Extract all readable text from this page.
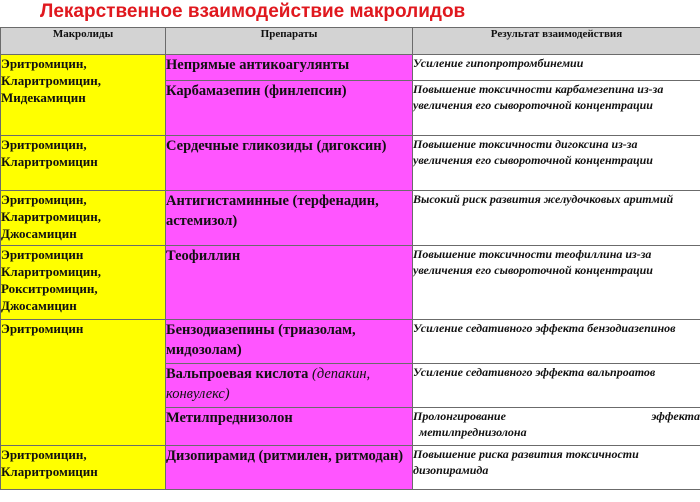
Лекарственное взаимодействие макролидов
Макролиды	Препараты	Результат взаимодействия

Эритромицин,
Кларитромицин,
Мидекамицин	Непрямые антикоагулянты	Усиление гипопротромбинемии
	Карбамазепин (финлепсин)	Повышение токсичности карбамезепина из-за увеличения его сывороточной концентрации

Эритромицин,
Кларитромицин	Сердечные гликозиды (дигоксин)	Повышение токсичности дигоксина из-за увеличения его сывороточной концентрации

Эритромицин,
Кларитромицин,
Джосамицин	Антигистаминные (терфенадин, астемизол)	Высокий риск развития желудочковых аритмий

Эритромицин
Кларитромицин,
Рокситромицин,
Джосамицин	Теофиллин	Повышение токсичности теофиллина из-за увеличения его сывороточной концентрации

Эритромицин	Бензодиазепины (триазолам, мидозолам)	Усиление седативного эффекта бензодиазепинов
	Вальпроевая кислота (депакин, конвулекс)	Усиление седативного эффекта вальпроатов
	Метилпреднизолон	Пролонгирование эффекта
метилпреднизолона

Эритромицин,
Кларитромицин	Дизопирамид (ритмилен, ритмодан)	Повышение риска развития токсичности дизопирамида
